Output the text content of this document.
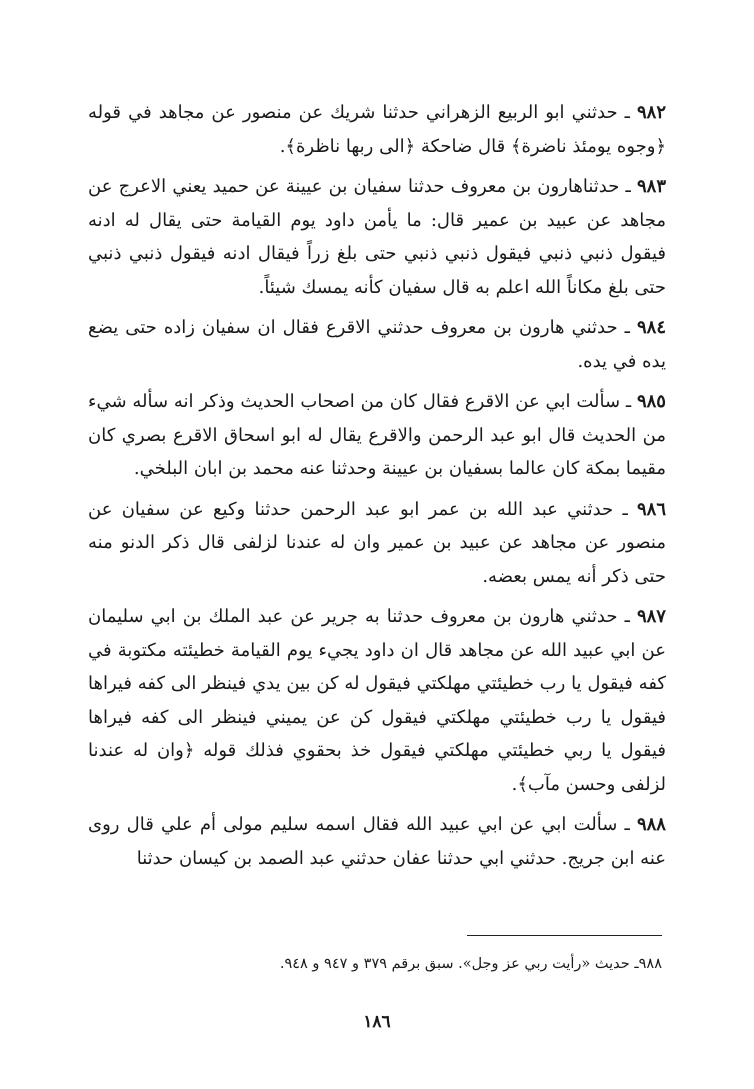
٩٨٢ ـ حدثني ابو الربيع الزهراني حدثنا شريك عن منصور عن مجاهد في قوله ﴿وجوه يومئذ ناضرة﴾ قال ضاحكة ﴿الى ربها ناظرة﴾.

٩٨٣ ـ حدثناهارون بن معروف حدثنا سفيان بن عيينة عن حميد يعني الاعرج عن مجاهد عن عبيد بن عمير قال: ما يأمن داود يوم القيامة حتى يقال له ادنه فيقول ذنبي ذنبي فيقول ذنبي ذنبي حتى بلغ زراً فيقال ادنه فيقول ذنبي ذنبي حتى بلغ مكاناً الله اعلم به قال سفيان كأنه يمسك شيئاً.

٩٨٤ ـ حدثني هارون بن معروف حدثني الاقرع فقال ان سفيان زاده حتى يضع يده في يده.

٩٨٥ ـ سألت ابي عن الاقرع فقال كان من اصحاب الحديث وذكر انه سأله شيء من الحديث قال ابو عبد الرحمن والاقرع يقال له ابو اسحاق الاقرع بصري كان مقيما بمكة كان عالما بسفيان بن عيينة وحدثنا عنه محمد بن ابان البلخي.

٩٨٦ ـ حدثني عبد الله بن عمر ابو عبد الرحمن حدثنا وكيع عن سفيان عن منصور عن مجاهد عن عبيد بن عمير وان له عندنا لزلفى قال ذكر الدنو منه حتى ذكر أنه يمس بعضه.

٩٨٧ ـ حدثني هارون بن معروف حدثنا به جرير عن عبد الملك بن ابي سليمان عن ابي عبيد الله عن مجاهد قال ان داود يجيء يوم القيامة خطيئته مكتوبة في كفه فيقول يا رب خطيئتي مهلكتي فيقول له كن بين يدي فينظر الى كفه فيراها فيقول يا رب خطيئتي مهلكتي فيقول كن عن يميني فينظر الى كفه فيراها فيقول يا ربي خطيئتي مهلكتي فيقول خذ بحقوي فذلك قوله ﴿وان له عندنا لزلفى وحسن مآب﴾.

٩٨٨ ـ سألت ابي عن ابي عبيد الله فقال اسمه سليم مولى أم علي قال روى عنه ابن جريج. حدثني ابي حدثنا عفان حدثني عبد الصمد بن كيسان حدثنا

٩٨٨ـ حديث «رأيت ربي عز وجل». سبق برقم ٣٧٩ و ٩٤٧ و ٩٤٨.

١٨٦
